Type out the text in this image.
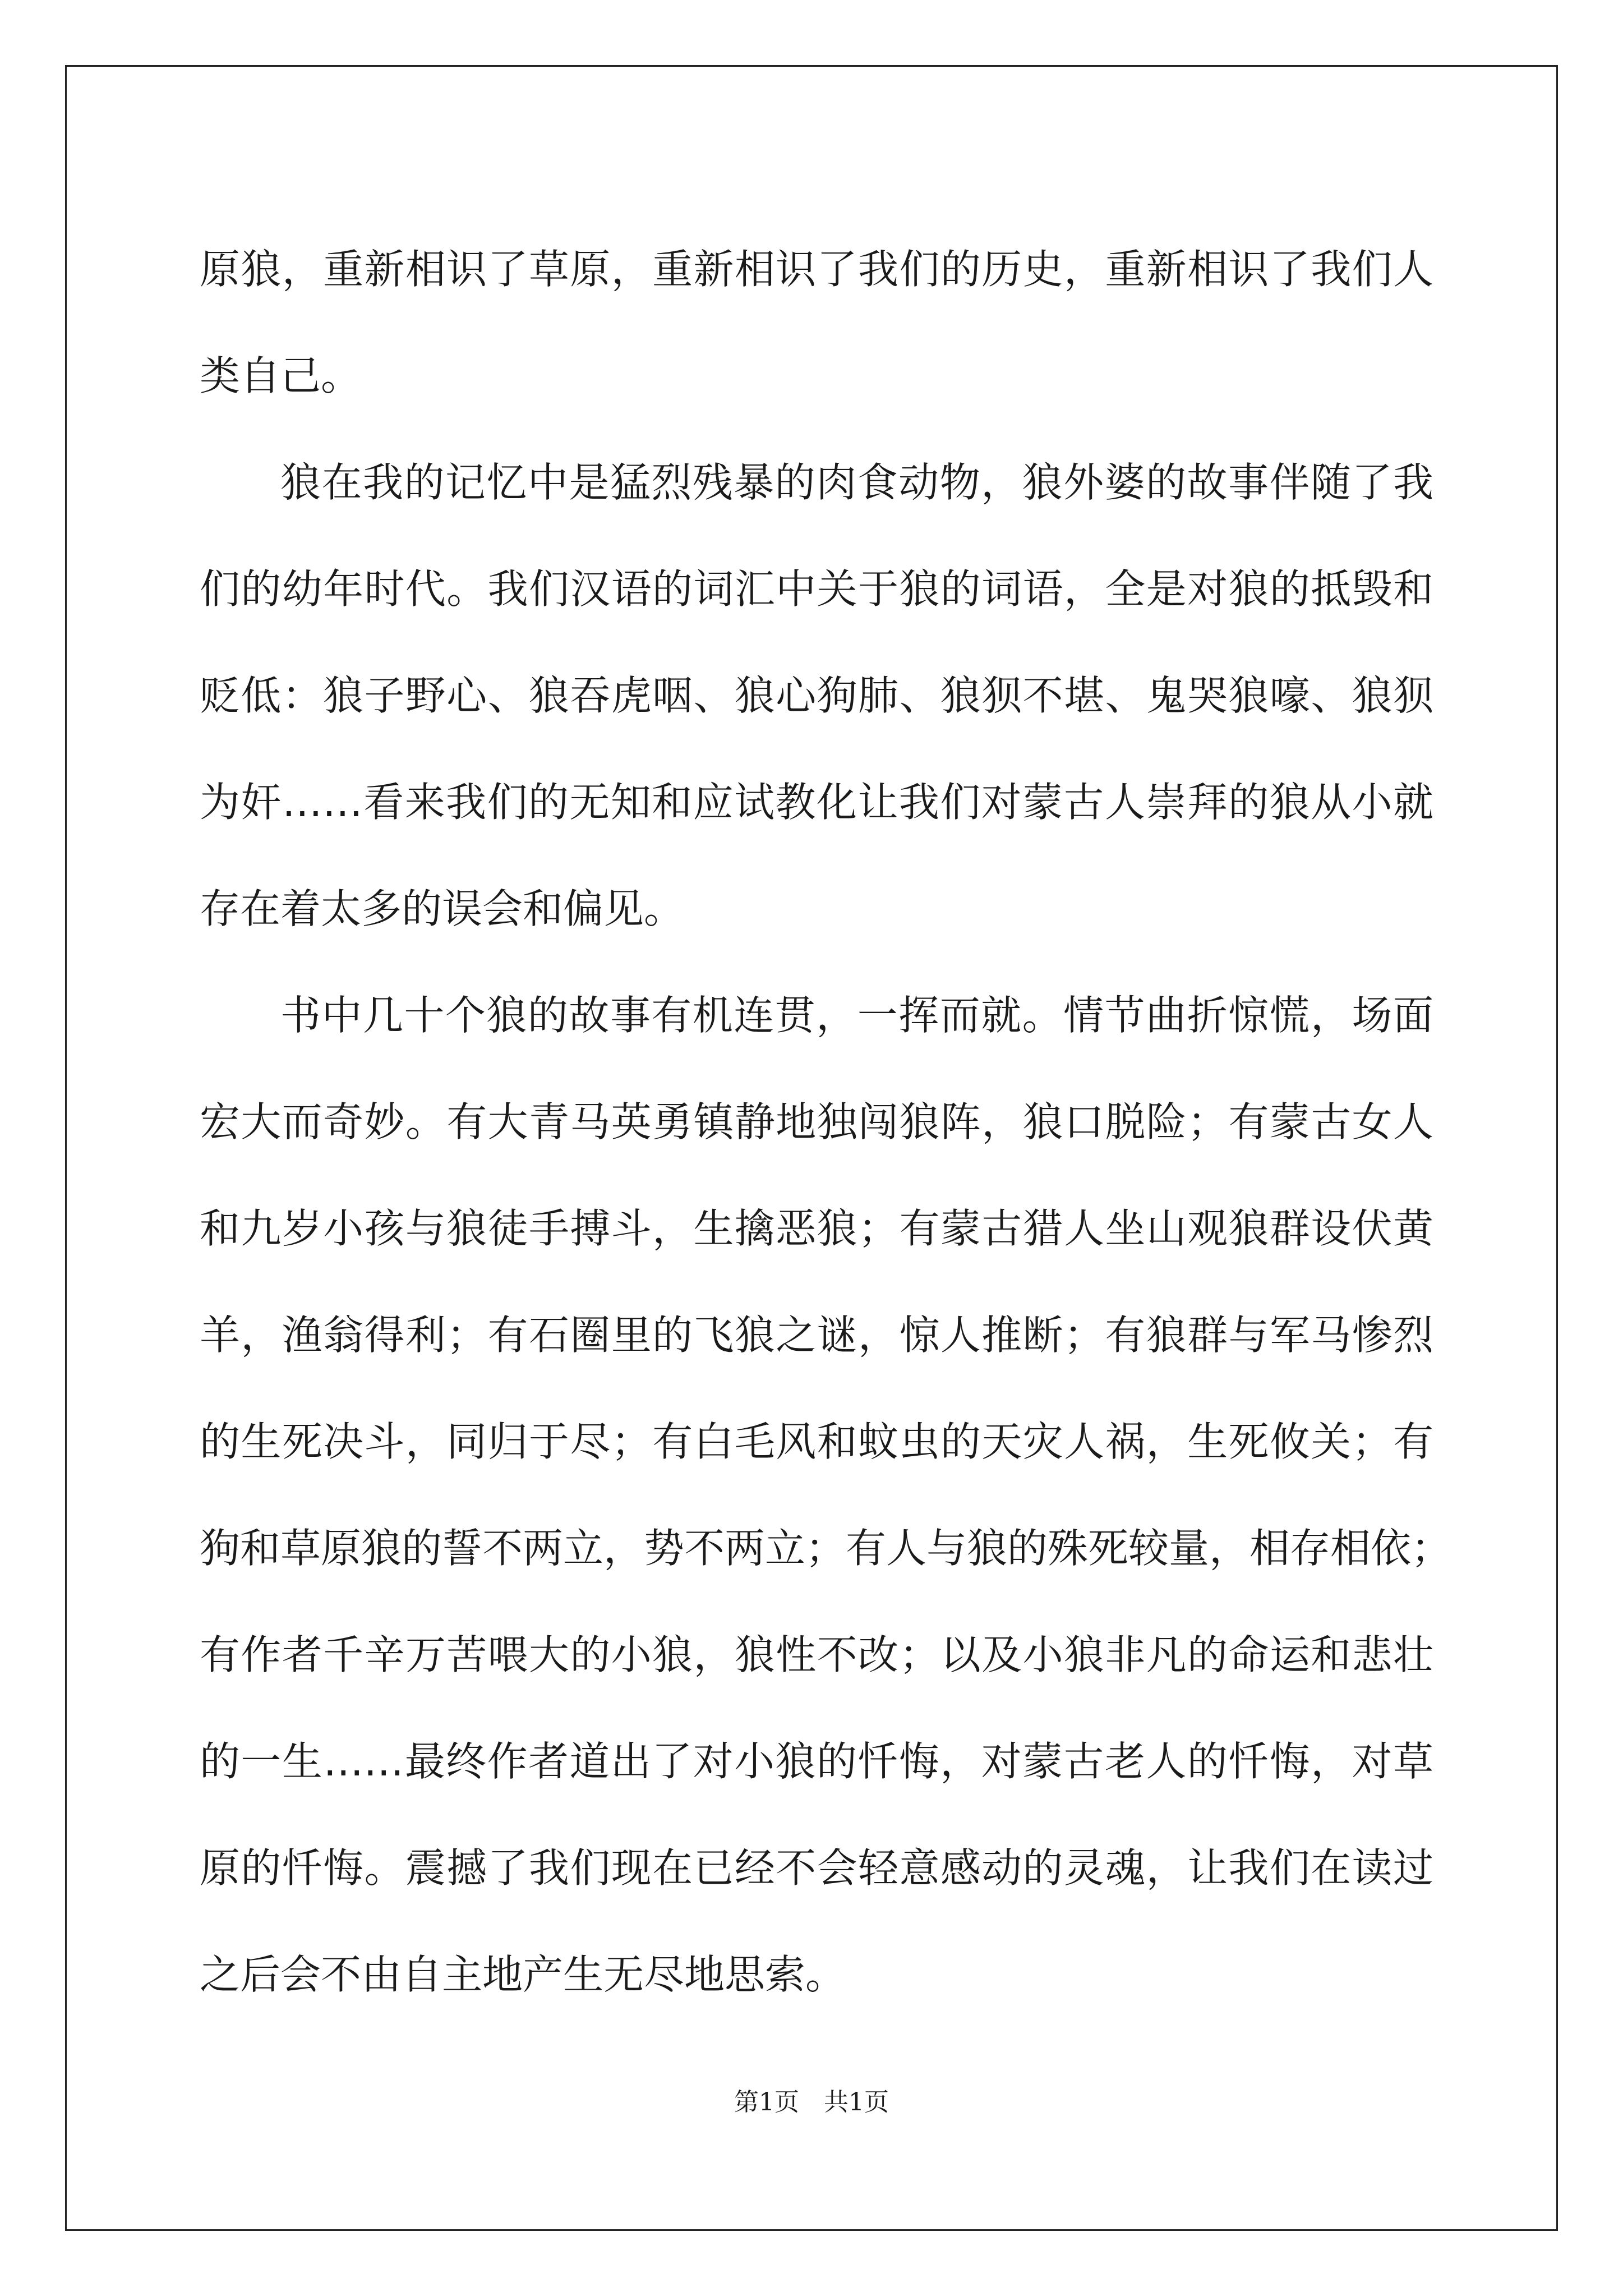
原狼，重新相识了草原，重新相识了我们的历史，重新相识了我们人
类自己。
狼在我的记忆中是猛烈残暴的肉食动物，狼外婆的故事伴随了我
们的幼年时代。我们汉语的词汇中关于狼的词语，全是对狼的抵毁和
贬低：狼子野心、狼吞虎咽、狼心狗肺、狼狈不堪、鬼哭狼嚎、狼狈
为奸……看来我们的无知和应试教化让我们对蒙古人崇拜的狼从小就
存在着太多的误会和偏见。
书中几十个狼的故事有机连贯，一挥而就。情节曲折惊慌，场面
宏大而奇妙。有大青马英勇镇静地独闯狼阵，狼口脱险；有蒙古女人
和九岁小孩与狼徒手搏斗，生擒恶狼；有蒙古猎人坐山观狼群设伏黄
羊，渔翁得利；有石圈里的飞狼之谜，惊人推断；有狼群与军马惨烈
的生死决斗，同归于尽；有白毛风和蚊虫的天灾人祸，生死攸关；有
狗和草原狼的誓不两立，势不两立；有人与狼的殊死较量，相存相依；
有作者千辛万苦喂大的小狼，狼性不改；以及小狼非凡的命运和悲壮
的一生……最终作者道出了对小狼的忏悔，对蒙古老人的忏悔，对草
原的忏悔。震撼了我们现在已经不会轻意感动的灵魂，让我们在读过
之后会不由自主地产生无尽地思索。
第1页　共1页
